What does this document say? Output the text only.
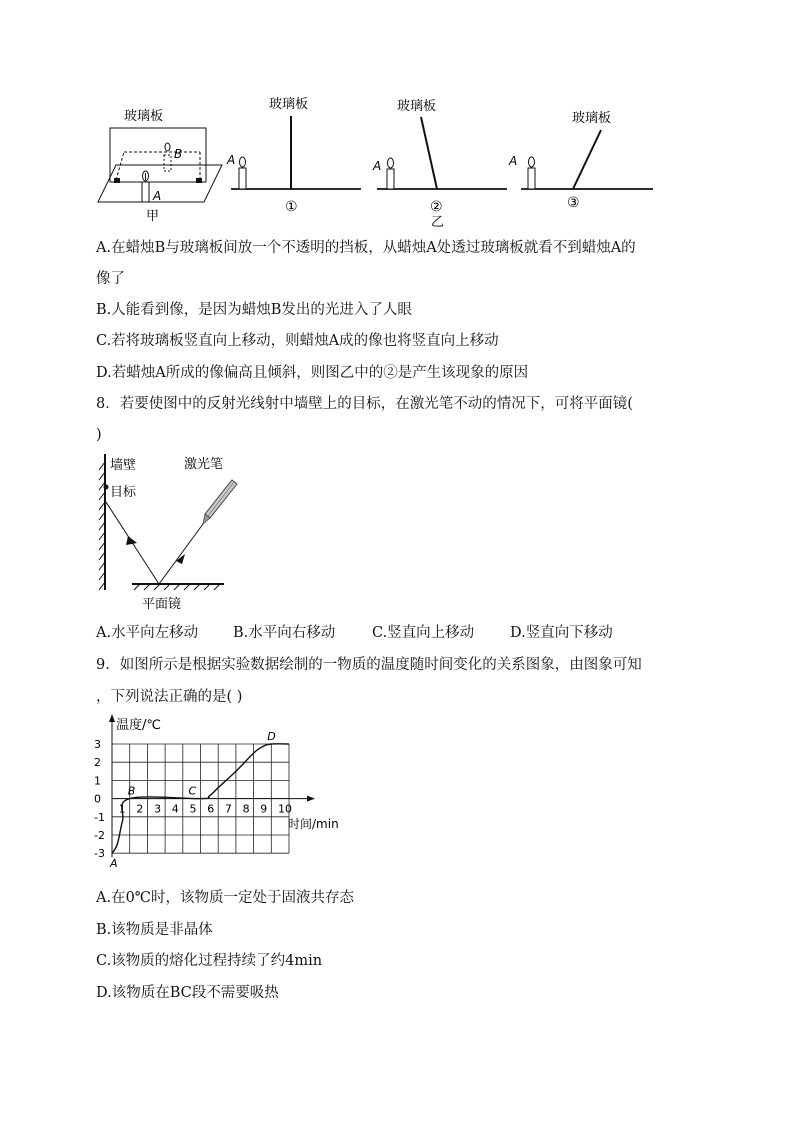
玻璃板
B
A
甲
玻璃板
A
①
玻璃板
A
②
乙
玻璃板
A
③
A.在蜡烛B与玻璃板间放一个不透明的挡板，从蜡烛A处透过玻璃板就看不到蜡烛A的
像了
B.人能看到像，是因为蜡烛B发出的光进入了人眼
C.若将玻璃板竖直向上移动，则蜡烛A成的像也将竖直向上移动
D.若蜡烛A所成的像偏高且倾斜，则图乙中的②是产生该现象的原因
8．若要使图中的反射光线射中墙壁上的目标，在激光笔不动的情况下，可将平面镜(
)
墙壁
目标
平面镜
激光笔
A.水平向左移动 B.水平向右移动	C.竖直向上移动 D.竖直向下移动
9．如图所示是根据实验数据绘制的一物质的温度随时间变化的关系图象，由图象可知
，下列说法正确的是( )
温度/℃
时间/min
1 2 3 4 5 6 7 8 9 10
3
2
1
0
-1
-2
-3
A
B	C
D
A.在0℃时，该物质一定处于固液共存态
B.该物质是非晶体
C.该物质的熔化过程持续了约4min
D.该物质在BC段不需要吸热
